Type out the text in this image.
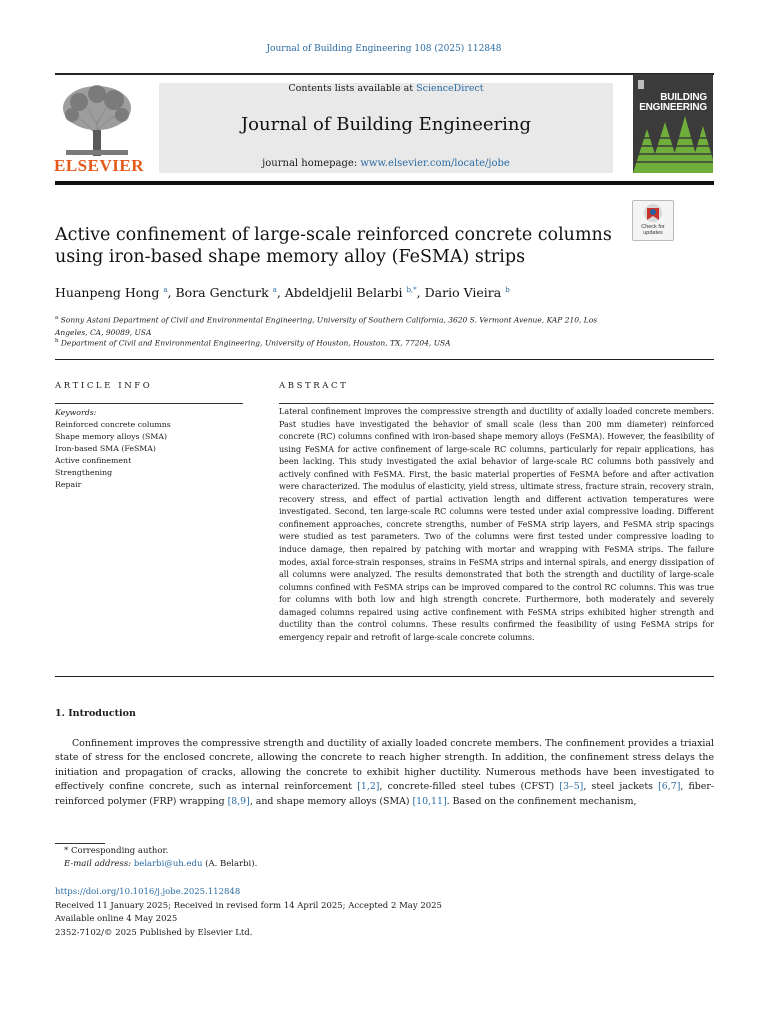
Journal of Building Engineering 108 (2025) 112848
ELSEVIER
Contents lists available at ScienceDirect
Journal of Building Engineering
journal homepage: www.elsevier.com/locate/jobe
BUILDING
ENGINEERING
Check for updates
Active confinement of large-scale reinforced concrete columns using iron-based shape memory alloy (FeSMA) strips
Huanpeng Hong $^a$, Bora Gencturk $^a$, Abdeldjelil Belarbi $^{b,*}$, Dario Vieira $^b$
$^a$ Sonny Astani Department of Civil and Environmental Engineering, University of Southern California, 3620 S. Vermont Avenue, KAP 210, Los Angeles, CA, 90089, USA
$^b$ Department of Civil and Environmental Engineering, University of Houston, Houston, TX, 77204, USA
ARTICLE INFO	ABSTRACT
Keywords:
Reinforced concrete columns
Shape memory alloys (SMA)
Iron-based SMA (FeSMA)
Active confinement
Strengthening
Repair
Lateral confinement improves the compressive strength and ductility of axially loaded concrete members. Past studies have investigated the behavior of small scale (less than 200 mm diameter) reinforced concrete (RC) columns confined with iron-based shape memory alloys (FeSMA). However, the feasibility of using FeSMA for active confinement of large-scale RC columns, particularly for repair applications, has been lacking. This study investigated the axial behavior of large-scale RC columns both passively and actively confined with FeSMA. First, the basic material properties of FeSMA before and after activation were characterized. The modulus of elasticity, yield stress, ultimate stress, fracture strain, recovery strain, recovery stress, and effect of partial activation length and different activation temperatures were investigated. Second, ten large-scale RC columns were tested under axial compressive loading. Different confinement approaches, concrete strengths, number of FeSMA strip layers, and FeSMA strip spacings were studied as test parameters. Two of the columns were first tested under compressive loading to induce damage, then repaired by patching with mortar and wrapping with FeSMA strips. The failure modes, axial force-strain responses, strains in FeSMA strips and internal spirals, and energy dissipation of all columns were analyzed. The results demonstrated that both the strength and ductility of large-scale columns confined with FeSMA strips can be improved compared to the control RC columns. This was true for columns with both low and high strength concrete. Furthermore, both moderately and severely damaged columns repaired using active confinement with FeSMA strips exhibited higher strength and ductility than the control columns. These results confirmed the feasibility of using FeSMA strips for emergency repair and retrofit of large-scale concrete columns.
1. Introduction
Confinement improves the compressive strength and ductility of axially loaded concrete members. The confinement provides a triaxial state of stress for the enclosed concrete, allowing the concrete to reach higher strength. In addition, the confinement stress delays the initiation and propagation of cracks, allowing the concrete to exhibit higher ductility. Numerous methods have been investigated to effectively confine concrete, such as internal reinforcement [1,2], concrete-filled steel tubes (CFST) [3–5], steel jackets [6,7], fiber-reinforced polymer (FRP) wrapping [8,9], and shape memory alloys (SMA) [10,11]. Based on the confinement mechanism,
* Corresponding author.
E-mail address: belarbi@uh.edu (A. Belarbi).
https://doi.org/10.1016/j.jobe.2025.112848
Received 11 January 2025; Received in revised form 14 April 2025; Accepted 2 May 2025
Available online 4 May 2025
2352-7102/© 2025 Published by Elsevier Ltd.
